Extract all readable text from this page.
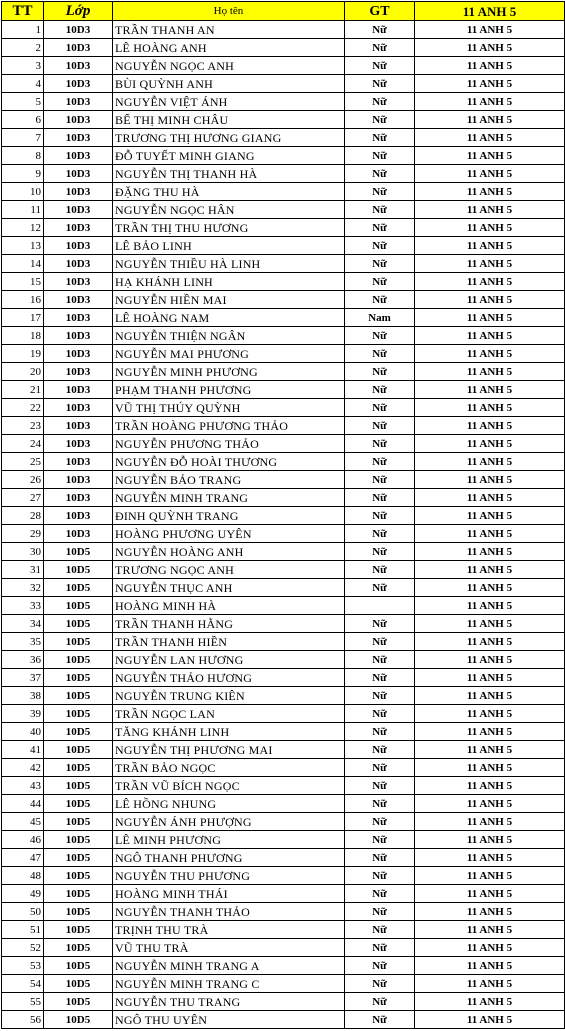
TT	Lớp	Họ tên	GT	11 ANH 5
1	10D3	TRẦN THANH AN	Nữ	11 ANH 5
2	10D3	LÊ HOÀNG ANH	Nữ	11 ANH 5
3	10D3	NGUYỄN NGỌC ANH	Nữ	11 ANH 5
4	10D3	BÙI QUỲNH ANH	Nữ	11 ANH 5
5	10D3	NGUYỄN VIỆT ÁNH	Nữ	11 ANH 5
6	10D3	BẾ THỊ MINH CHÂU	Nữ	11 ANH 5
7	10D3	TRƯƠNG THỊ HƯƠNG GIANG	Nữ	11 ANH 5
8	10D3	ĐỖ TUYẾT MINH GIANG	Nữ	11 ANH 5
9	10D3	NGUYỄN THỊ THANH HÀ	Nữ	11 ANH 5
10	10D3	ĐẶNG THU HÀ	Nữ	11 ANH 5
11	10D3	NGUYỄN NGỌC HÂN	Nữ	11 ANH 5
12	10D3	TRẦN THỊ THU HƯƠNG	Nữ	11 ANH 5
13	10D3	LÊ BẢO LINH	Nữ	11 ANH 5
14	10D3	NGUYỄN THIỀU HÀ LINH	Nữ	11 ANH 5
15	10D3	HẠ KHÁNH LINH	Nữ	11 ANH 5
16	10D3	NGUYỄN HIỀN MAI	Nữ	11 ANH 5
17	10D3	LÊ HOÀNG NAM	Nam	11 ANH 5
18	10D3	NGUYỄN THIỆN NGÂN	Nữ	11 ANH 5
19	10D3	NGUYỄN MAI PHƯƠNG	Nữ	11 ANH 5
20	10D3	NGUYỄN MINH PHƯƠNG	Nữ	11 ANH 5
21	10D3	PHẠM THANH PHƯƠNG	Nữ	11 ANH 5
22	10D3	VŨ THỊ THÚY QUỲNH	Nữ	11 ANH 5
23	10D3	TRẦN HOÀNG PHƯƠNG THẢO	Nữ	11 ANH 5
24	10D3	NGUYỄN PHƯƠNG THẢO	Nữ	11 ANH 5
25	10D3	NGUYỄN ĐỖ HOÀI THƯƠNG	Nữ	11 ANH 5
26	10D3	NGUYỄN BẢO TRANG	Nữ	11 ANH 5
27	10D3	NGUYỄN MINH TRANG	Nữ	11 ANH 5
28	10D3	ĐINH QUỲNH TRANG	Nữ	11 ANH 5
29	10D3	HOÀNG PHƯƠNG UYÊN	Nữ	11 ANH 5
30	10D5	NGUYỄN HOÀNG ANH	Nữ	11 ANH 5
31	10D5	TRƯƠNG NGỌC ANH	Nữ	11 ANH 5
32	10D5	NGUYỄN THỤC ANH	Nữ	11 ANH 5
33	10D5	HOÀNG MINH HÀ		11 ANH 5
34	10D5	TRẦN THANH HẰNG	Nữ	11 ANH 5
35	10D5	TRẦN THANH HIỀN	Nữ	11 ANH 5
36	10D5	NGUYỄN LAN HƯƠNG	Nữ	11 ANH 5
37	10D5	NGUYỄN THẢO HƯƠNG	Nữ	11 ANH 5
38	10D5	NGUYỄN TRUNG KIÊN	Nữ	11 ANH 5
39	10D5	TRẦN NGỌC LAN	Nữ	11 ANH 5
40	10D5	TĂNG KHÁNH LINH	Nữ	11 ANH 5
41	10D5	NGUYỄN THỊ PHƯƠNG MAI	Nữ	11 ANH 5
42	10D5	TRẦN BẢO NGỌC	Nữ	11 ANH 5
43	10D5	TRẦN VŨ BÍCH NGỌC	Nữ	11 ANH 5
44	10D5	LÊ HỒNG NHUNG	Nữ	11 ANH 5
45	10D5	NGUYỄN ÁNH PHƯỢNG	Nữ	11 ANH 5
46	10D5	LÊ MINH PHƯƠNG	Nữ	11 ANH 5
47	10D5	NGÔ THANH PHƯƠNG	Nữ	11 ANH 5
48	10D5	NGUYỄN THU PHƯƠNG	Nữ	11 ANH 5
49	10D5	HOÀNG MINH THÁI	Nữ	11 ANH 5
50	10D5	NGUYỄN THANH THẢO	Nữ	11 ANH 5
51	10D5	TRỊNH THU TRÀ	Nữ	11 ANH 5
52	10D5	VŨ THU TRÀ	Nữ	11 ANH 5
53	10D5	NGUYỄN MINH TRANG A	Nữ	11 ANH 5
54	10D5	NGUYỄN MINH TRANG C	Nữ	11 ANH 5
55	10D5	NGUYỄN THU TRANG	Nữ	11 ANH 5
56	10D5	NGÔ THU UYÊN	Nữ	11 ANH 5
